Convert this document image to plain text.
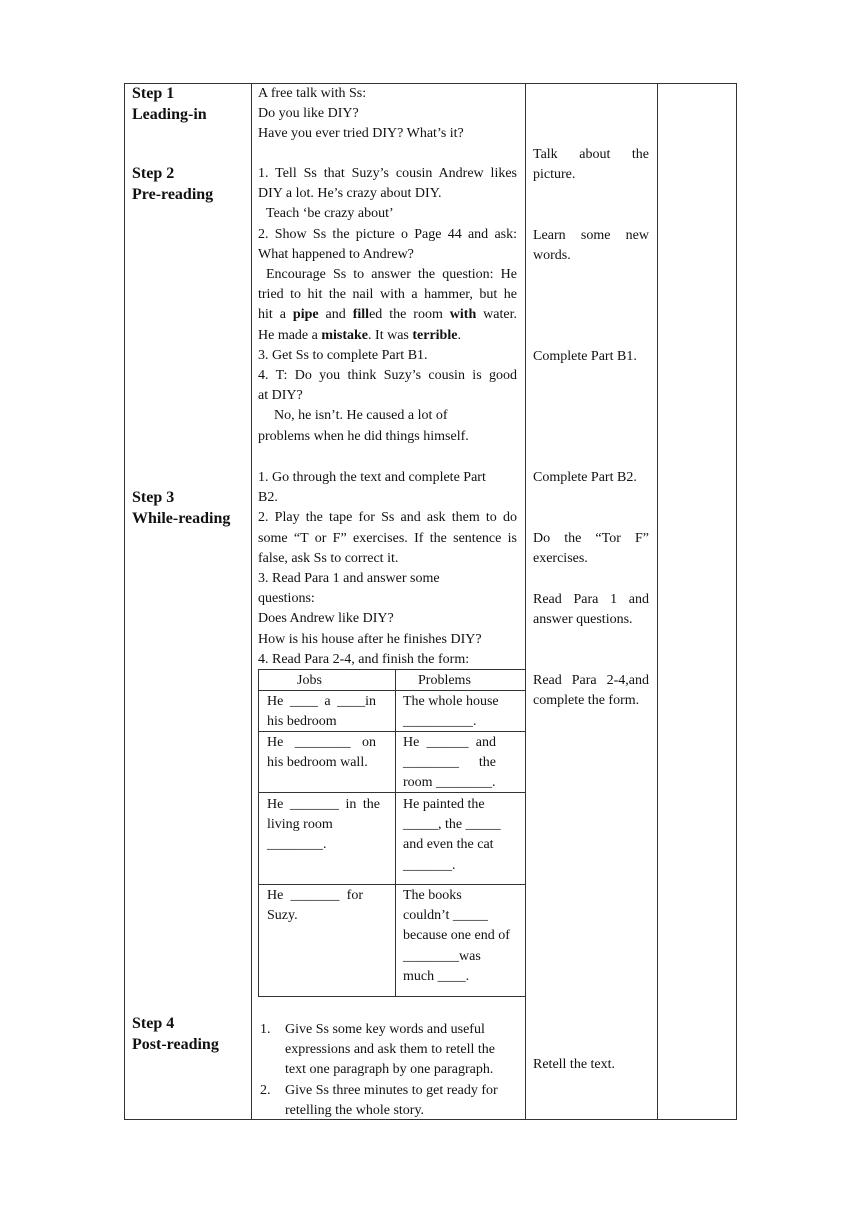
Step 1
Leading-in
Step 2
Pre-reading
Step 3
While-reading
Step 4
Post-reading
A free talk with Ss:
Do you like DIY?
Have you ever tried DIY? What’s it?
1. Tell Ss that Suzy’s cousin Andrew likes
DIY a lot. He’s crazy about DIY.
Teach ‘be crazy about’
2. Show Ss the picture o Page 44 and ask:
What happened to Andrew?
Encourage Ss to answer the question: He
tried to hit the nail with a hammer, but he
hit a pipe and filled the room with water.
He made a mistake. It was terrible.
3. Get Ss to complete Part B1.
4. T: Do you think Suzy’s cousin is good
at DIY?
No, he isn’t. He caused a lot of
problems when he did things himself.
1. Go through the text and complete Part
B2.
2. Play the tape for Ss and ask them to do
some “T or F” exercises. If the sentence is
false, ask Ss to correct it.
3. Read Para 1 and answer some
questions:
Does Andrew like DIY?
How is his house after he finishes DIY?
4. Read Para 2-4, and finish the form:
Jobs	Problems
He ____ a ____in
his bedroom
The whole house
__________.
He ________ on
his bedroom wall.
He ______ and
________ the
room ________.
He _______ in the
living room
________.
He painted the
_____, the _____
and even the cat
_______.
He _______ for
Suzy.
The books
couldn’t _____
because one end of
________was
much ____.
1. Give Ss some key words and useful
expressions and ask them to retell the
text one paragraph by one paragraph.
2. Give Ss three minutes to get ready for
retelling the whole story.
Talk about the
picture.
Learn some new
words.
Complete Part B1.
Complete Part B2.
Do the “Tor F”
exercises.
Read Para 1 and
answer questions.
Read Para 2-4,and
complete the form.
Retell the text.
